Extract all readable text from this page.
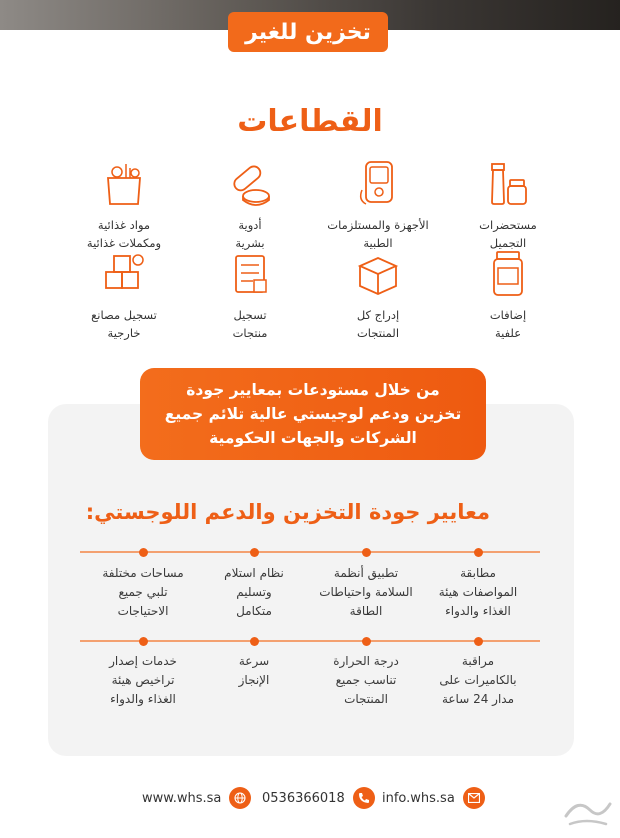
تخزين للغير
القطاعات
مستحضرات
التجميل
الأجهزة والمستلزمات
الطبية
أدوية
بشرية
مواد غذائية
ومكملات غذائية
إضافات
علفية
إدراج كل
المنتجات
تسجيل
منتجات
تسجيل مصانع
خارجية
من خلال مستودعات بمعايير جودة
تخزين ودعم لوجيستي عالية تلائم جميع
الشركات والجهات الحكومية
معايير جودة التخزين والدعم اللوجستي:
مطابقة
المواصفات هيئة
الغذاء والدواء
تطبيق أنظمة
السلامة واحتياطات
الطاقة
نظام استلام
وتسليم
متكامل
مساحات مختلفة
تلبي جميع
الاحتياجات
مراقبة
بالكاميرات على
مدار 24 ساعة
درجة الحرارة
تناسب جميع
المنتجات
سرعة
الإنجاز
خدمات إصدار
تراخيص هيئة
الغذاء والدواء
info.whs.sa
0536366018
www.whs.sa
